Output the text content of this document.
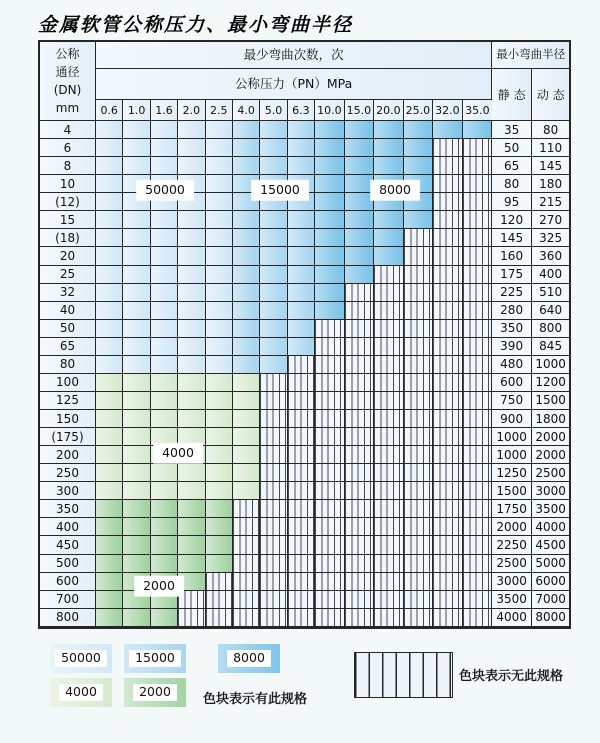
金属软管公称压力、最小弯曲半径
公称
通径
(DN)
mm
最少弯曲次数，次
公称压力（PN）MPa
0.6 1.0 1.6 2.0 2.5 4.0 5.0 6.3 10.0 15.0 20.0 25.0 32.0 35.0
最小弯曲半径
静 态 动 态
4	35	80
6	50	110
8	65	145
10	80	180
(12)	95	215
15	120	270
(18)	145	325
20	160	360
25	175	400
32	225	510
40	280	640
50	350	800
65	390	845
80	480	1000
100	600	1200
125	750	1500
150	900	1800
(175)	1000 2000
200	1000 2000
250	1250 2500
300	1500 3000
350	1750 3500
400	2000 4000
450	2250 4500
500	2500 5000
600	3000 6000
700	3500 7000
800	4000 8000
50000	15000	8000
4000
2000
色块表示无此规格
色块表示有此规格
50000	15000	8000
4000	2000
